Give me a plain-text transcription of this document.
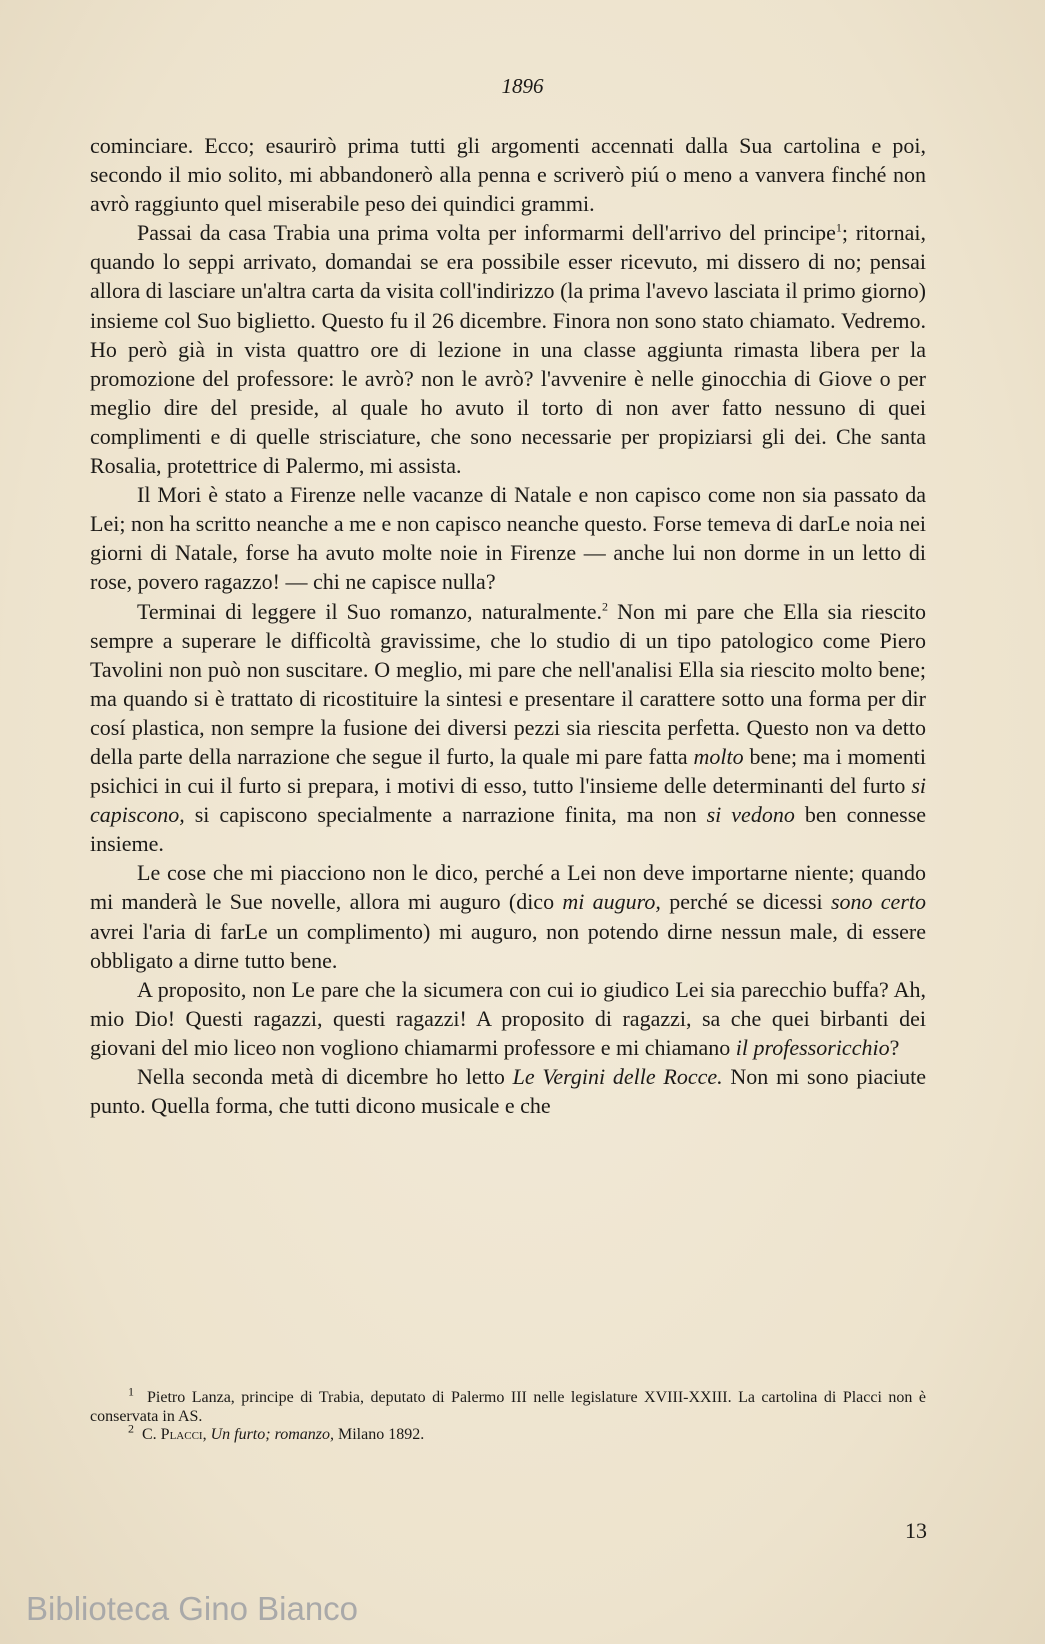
1896

cominciare. Ecco; esaurirò prima tutti gli argomenti accennati dalla Sua cartolina e poi, secondo il mio solito, mi abbandonerò alla penna e scriverò piú o meno a vanvera finché non avrò raggiunto quel miserabile peso dei quindici grammi.

Passai da casa Trabia una prima volta per informarmi dell'arrivo del principe$^1$; ritornai, quando lo seppi arrivato, domandai se era possibile esser ricevuto, mi dissero di no; pensai allora di lasciare un'altra carta da visita coll'indirizzo (la prima l'avevo lasciata il primo giorno) insieme col Suo biglietto. Questo fu il 26 dicembre. Finora non sono stato chiamato. Vedremo. Ho però già in vista quattro ore di lezione in una classe aggiunta rimasta libera per la promozione del professore: le avrò? non le avrò? l'avvenire è nelle ginocchia di Giove o per meglio dire del preside, al quale ho avuto il torto di non aver fatto nessuno di quei complimenti e di quelle strisciature, che sono necessarie per propiziarsi gli dei. Che santa Rosalia, protettrice di Palermo, mi assista.

Il Mori è stato a Firenze nelle vacanze di Natale e non capisco come non sia passato da Lei; non ha scritto neanche a me e non capisco neanche questo. Forse temeva di darLe noia nei giorni di Natale, forse ha avuto molte noie in Firenze — anche lui non dorme in un letto di rose, povero ragazzo! — chi ne capisce nulla?

Terminai di leggere il Suo romanzo, naturalmente.$^2$ Non mi pare che Ella sia riescito sempre a superare le difficoltà gravissime, che lo studio di un tipo patologico come Piero Tavolini non può non suscitare. O meglio, mi pare che nell'analisi Ella sia riescito molto bene; ma quando si è trattato di ricostituire la sintesi e presentare il carattere sotto una forma per dir cosí plastica, non sempre la fusione dei diversi pezzi sia riescita perfetta. Questo non va detto della parte della narrazione che segue il furto, la quale mi pare fatta molto bene; ma i momenti psichici in cui il furto si prepara, i motivi di esso, tutto l'insieme delle determinanti del furto si capiscono, si capiscono specialmente a narrazione finita, ma non si vedono ben connesse insieme.

Le cose che mi piacciono non le dico, perché a Lei non deve importarne niente; quando mi manderà le Sue novelle, allora mi auguro (dico mi auguro, perché se dicessi sono certo avrei l'aria di farLe un complimento) mi auguro, non potendo dirne nessun male, di essere obbligato a dirne tutto bene.

A proposito, non Le pare che la sicumera con cui io giudico Lei sia parecchio buffa? Ah, mio Dio! Questi ragazzi, questi ragazzi! A proposito di ragazzi, sa che quei birbanti dei giovani del mio liceo non vogliono chiamarmi professore e mi chiamano il professoricchio?

Nella seconda metà di dicembre ho letto Le Vergini delle Rocce. Non mi sono piaciute punto. Quella forma, che tutti dicono musicale e che

$^1$ Pietro Lanza, principe di Trabia, deputato di Palermo III nelle legislature XVIII-XXIII. La cartolina di Placci non è conservata in AS.

$^2$ C. Placci, Un furto; romanzo, Milano 1892.

13
Biblioteca Gino Bianco
